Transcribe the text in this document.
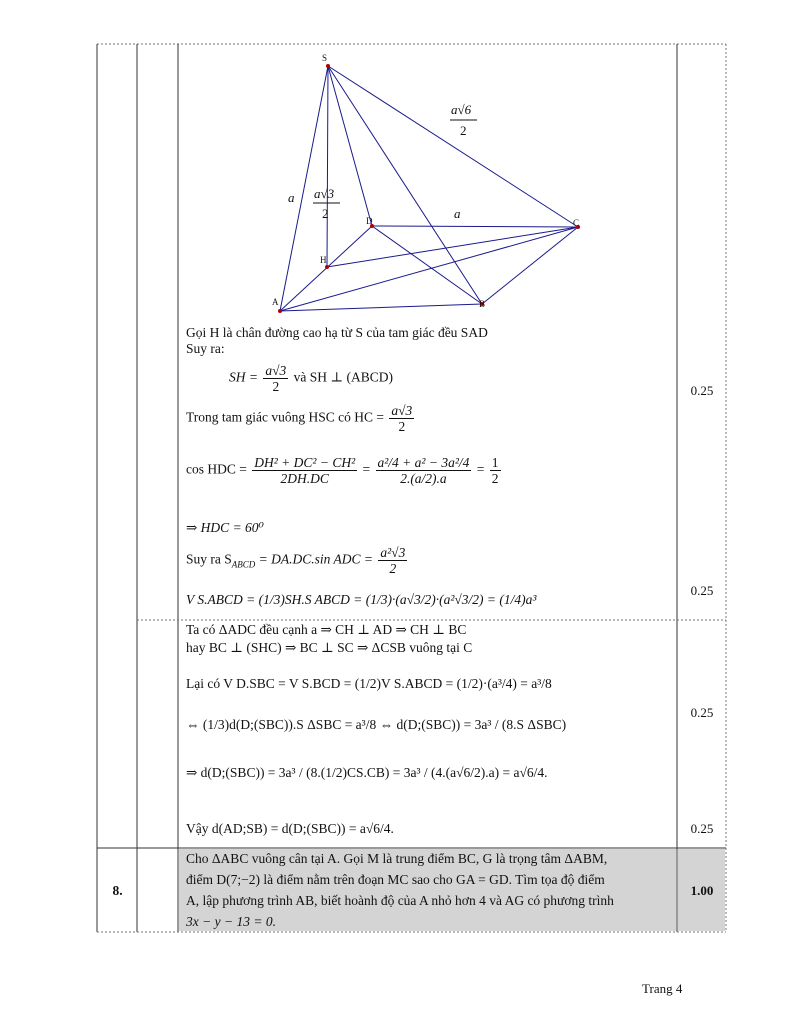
S
A	B
C
D
H
a
a
a√3
2
a√6
2
Gọi H là chân đường cao hạ từ S của tam giác đều SAD
Suy ra:
SH = $\frac{a√3}{2}$ và SH ⊥ (ABCD)
Trong tam giác vuông HSC có HC = $\frac{a√3}{2}$
cos HDC = $\frac{\text{DH² + DC² − CH²}}{2DH.DC} = \frac{\text{a²/4 + a² − 3a²/4}}{2.(a/2).a} = \frac{1}{2}$
⇒ HDC = 60⁰
Suy ra $S_{ABCD} = DA.DC.\sin$ ADC = $\frac{\text{a²√3}}{2}$
V S.ABCD = (1/3)SH.S ABCD = (1/3)·(a√3/2)·(a²√3/2) = (1/4)a³
Ta có ΔADC đều cạnh a ⇒ CH ⊥ AD ⇒ CH ⊥ BC
hay BC ⊥ (SHC) ⇒ BC ⊥ SC ⇒ ΔCSB vuông tại C
Lại có V D.SBC = V S.BCD = (1/2)V S.ABCD = (1/2)·(a³/4) = a³/8
⇔ (1/3)d(D;(SBC)).S ΔSBC = a³/8 ⇔ d(D;(SBC)) = 3a³ / (8.S ΔSBC)
⇒ d(D;(SBC)) = 3a³ / (8.(1/2)CS.CB) = 3a³ / (4.(a√6/2).a) = a√6/4.
Vậy d(AD;SB) = d(D;(SBC)) = a√6/4.
0.25
0.25
0.25
0.25
1.00
8.
Cho ΔABC vuông cân tại A. Gọi M là trung điểm BC, G là trọng tâm ΔABM,
điểm D(7;−2) là điểm nằm trên đoạn MC sao cho GA = GD. Tìm tọa độ điểm
A, lập phương trình AB, biết hoành độ của A nhỏ hơn 4 và AG có phương trình
3x − y − 13 = 0.
Trang 4
